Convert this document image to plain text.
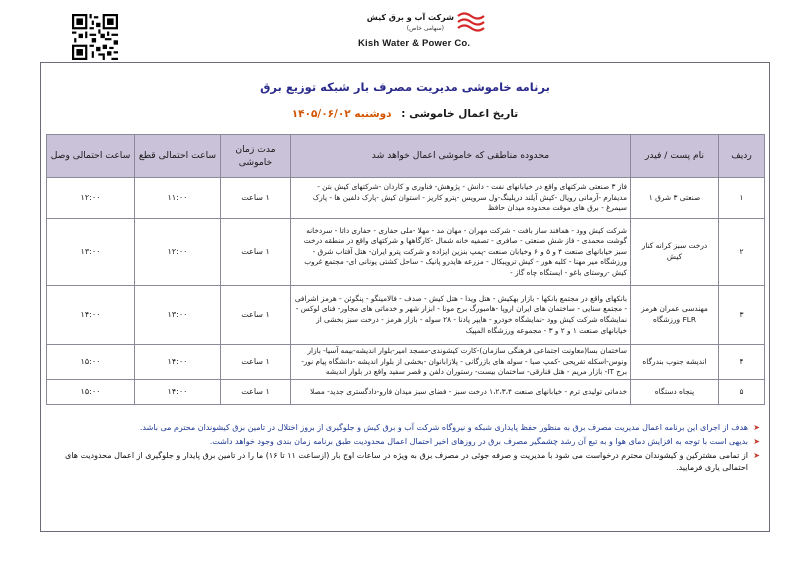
شرکت آب و برق کیش
(سهامی خاص)
Kish Water & Power Co.
برنامه خاموشی مدیریت مصرف بار شبکه توزیع برق
تاریخ اعمال خاموشی : دوشنبه ۱۴۰۵/۰۶/۰۲
ردیف	نام پست / فیدر	محدوده مناطقی که خاموشی اعمال خواهد شد	مدت زمان خاموشی	ساعت احتمالی قطع	ساعت احتمالی وصل
۱	صنعتی ۳ شرق ۱	فاز ۳ صنعتی شرکتهای واقع در خیابانهای نفت - دانش - پژوهش- فناوری و کاردان -شرکتهای کیش بتن - مدیفارم -آرمانی رویال -کیش آیلند دریلینگ-ول سرویس -پترو کاریز - استوان کیش -پارک دلفین ها - پارک سیمرغ - برق های موقت محدوده میدان حافظ	۱ ساعت	۱۱:۰۰	۱۲:۰۰
۲	درخت سبز کرانه کنار کیش	شرکت کیش وود - همافند ساز بافت - شرکت مهران - مهان مد - مهلا -ملی حفاری - حفاری داتا - سردخانه گوشت محمدی - فاز شش صنعتی - صافری - تصفیه خانه شمال -کارگاهها و شرکتهای واقع در منطقه درخت سبز خیابانهای صنعت ۴ و ۵ و ۶ وخیابان صنعت -پمپ بنزین ایزاده و شرکت پترو ایران- هتل آفتاب شرق - ورزشگاه میر مهنا - کلبه هور - کیش ترویبکال - مزرعه هایدرو پانیک - ساحل کشتی یونانی ای- مجتمع غروب کیش -روستای باغو - ایستگاه چاه گاز -	۱ ساعت	۱۲:۰۰	۱۳:۰۰
۳	مهندسی عمران هرمز FLR ورزشگاه	بانکهای واقع در مجتمع بانکها - بازار بهکیش - هتل ویدا - هتل کیش - صدف - فالامینگو - پنگوئن - هرمز اشرافی - مجتمع سنایی - ساختمان های ایران اروپا -هامبورگ برج مونا - ابزار شهر و خدماتی های مجاور- فنای لوکس - نمایشگاه شرکت کیش وود -نمایشگاه خودرو - هایپر پادنا - ۲۸ سوله - بازار هرمز - درخت سبز بخشی از خیابانهای صنعت ۱ و ۲ و ۳ - مجموعه ورزشگاه المپیک	۱ ساعت	۱۳:۰۰	۱۴:۰۰
۴	اندیشه جنوب بندرگاه	ساختمان بسا(معاونت اجتماعی فرهنگی سازمان)-کارت کیشوندی-مسجد امیر-بلوار اندیشه-بیمه آسیا- بازار ونوس-اسکله تفریحی -کمپ صبا - سوله های بازرگانی - پلازابانوان -بخشی از بلوار اندیشه -دانشگاه پیام نور- برج IT- بازار مریم - هتل قنارقی- ساختمان بیست- رستوران دلفن و قصر سفید واقع در بلوار اندیشه	۱ ساعت	۱۴:۰۰	۱۵:۰۰
۵	پنجاه دستگاه	خدماتی تولیدی ترم - خیابانهای صنعت ۱،۲،۳،۴ درخت سبز - فضای سبز میدان فارو-دادگستری جدید- مصلا	۱ ساعت	۱۴:۰۰	۱۵:۰۰
➤
هدف از اجرای این برنامه اعمال مدیریت مصرف برق به منظور حفظ پایداری شبکه و نیروگاه شرکت آب و برق کیش و جلوگیری از بروز اختلال در تامین برق کیشوندان محترم می باشد.
➤
بدیهی است با توجه به افزایش دمای هوا و به تبع آن رشد چشمگیر مصرف برق در روزهای اخیر احتمال اعمال محدودیت طبق برنامه زمان بندی وجود خواهد داشت.
➤
از تمامی مشترکین و کیشوندان محترم درخواست می شود با مدیریت و صرفه جوئی در مصرف برق به ویژه در ساعات اوج بار (ازساعت ۱۱ تا ۱۶) ما را در تامین برق پایدار و جلوگیری از اعمال محدودیت های احتمالی یاری فرمایید.
